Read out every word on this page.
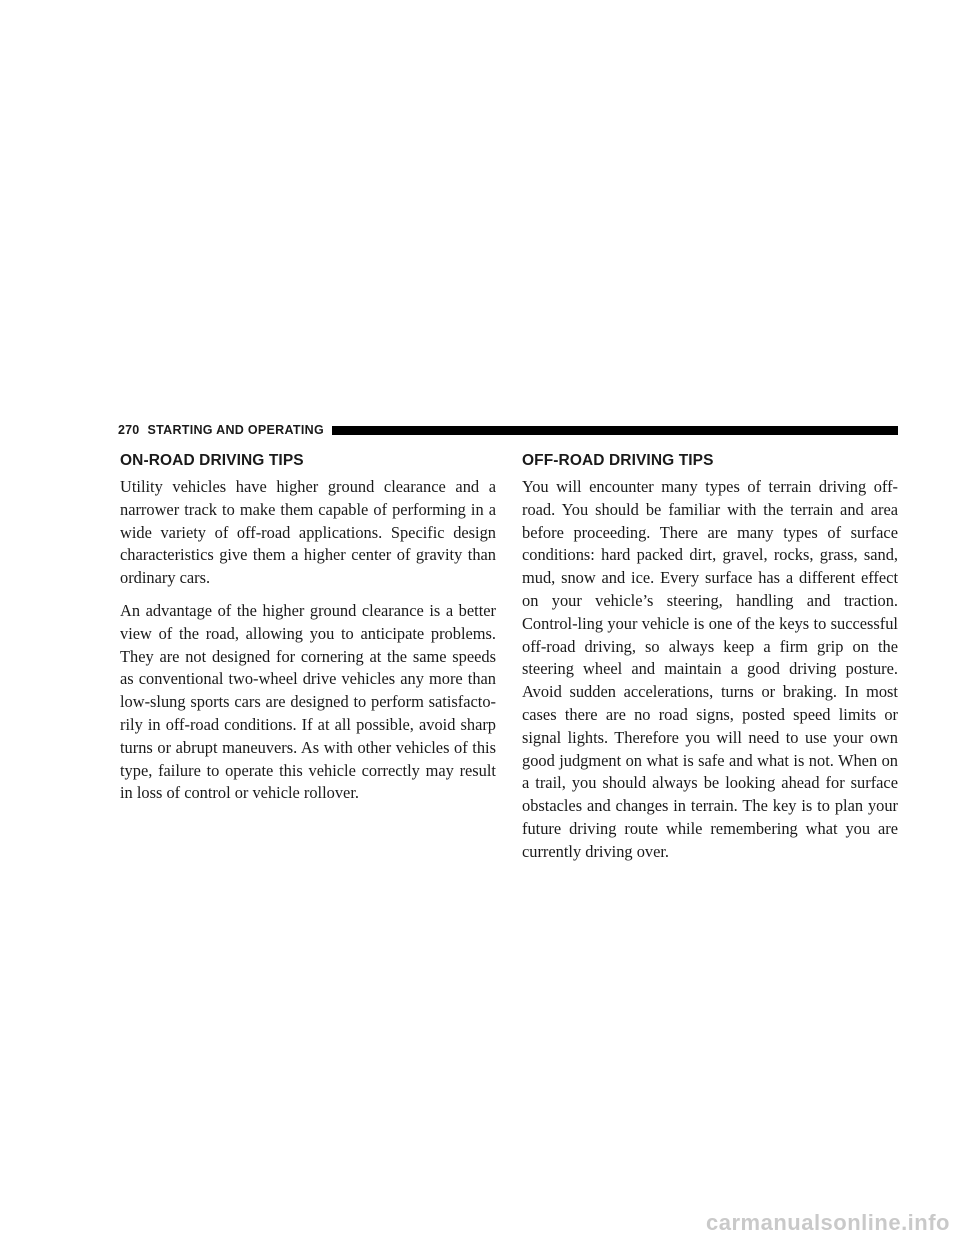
270 STARTING AND OPERATING
ON-ROAD DRIVING TIPS

Utility vehicles have higher ground clearance and a narrower track to make them capable of performing in a wide variety of off-road applications. Specific design characteristics give them a higher center of gravity than ordinary cars.

An advantage of the higher ground clearance is a better view of the road, allowing you to anticipate problems. They are not designed for cornering at the same speeds as conventional two-wheel drive vehicles any more than low-slung sports cars are designed to perform satisfacto-rily in off-road conditions. If at all possible, avoid sharp turns or abrupt maneuvers. As with other vehicles of this type, failure to operate this vehicle correctly may result in loss of control or vehicle rollover.

OFF-ROAD DRIVING TIPS

You will encounter many types of terrain driving off-road. You should be familiar with the terrain and area before proceeding. There are many types of surface conditions: hard packed dirt, gravel, rocks, grass, sand, mud, snow and ice. Every surface has a different effect on your vehicle’s steering, handling and traction. Control-ling your vehicle is one of the keys to successful off-road driving, so always keep a firm grip on the steering wheel and maintain a good driving posture. Avoid sudden accelerations, turns or braking. In most cases there are no road signs, posted speed limits or signal lights. Therefore you will need to use your own good judgment on what is safe and what is not. When on a trail, you should always be looking ahead for surface obstacles and changes in terrain. The key is to plan your future driving route while remembering what you are currently driving over.

carmanualsonline.info
